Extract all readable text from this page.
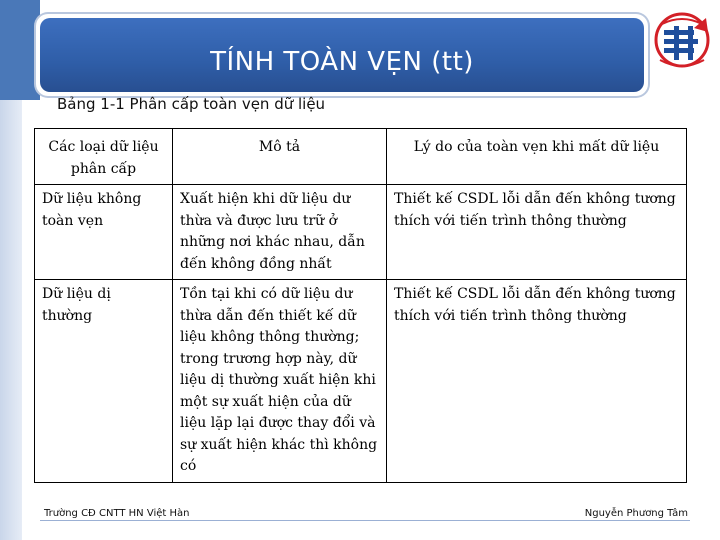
TÍNH TOÀN VẸN (tt)
Bảng 1-1 Phân cấp toàn vẹn dữ liệu
Các loại dữ liệu phân cấp	Mô tả	Lý do của toàn vẹn khi mất dữ liệu
Dữ liệu không toàn vẹn	Xuất hiện khi dữ liệu dư thừa và được lưu trữ ở những nơi khác nhau, dẫn đến không đồng nhất	Thiết kế CSDL lỗi dẫn đến không tương thích với tiến trình thông thường
Dữ liệu dị thường	Tồn tại khi có dữ liệu dư thừa dẫn đến thiết kế dữ liệu không thông thường; trong trương hợp này, dữ liệu dị thường xuất hiện khi một sự xuất hiện của dữ liệu lặp lại được thay đổi và sự xuất hiện khác thì không có	Thiết kế CSDL lỗi dẫn đến không tương thích với tiến trình thông thường
Trường CĐ CNTT HN Việt Hàn	Nguyễn Phương Tâm
